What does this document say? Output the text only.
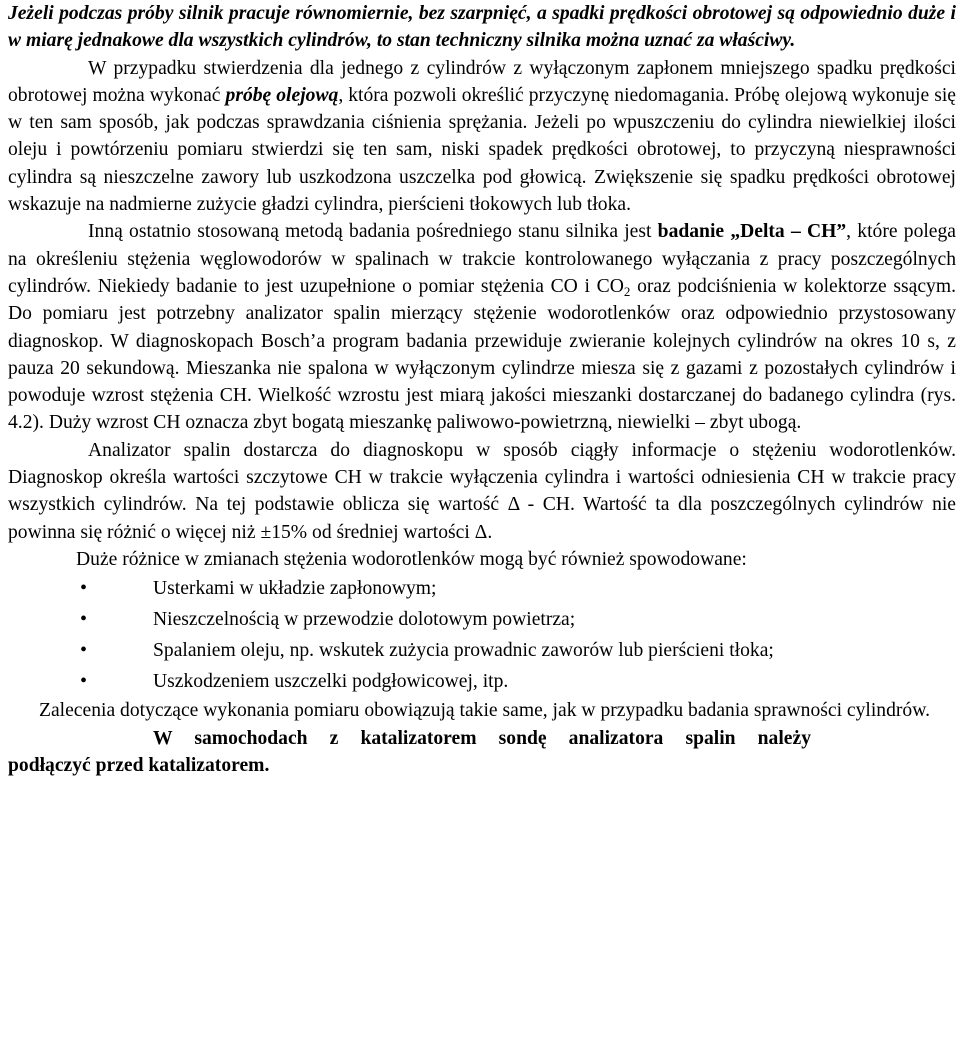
Jeżeli podczas próby silnik pracuje równomiernie, bez szarpnięć, a spadki prędkości obrotowej są odpowiednio duże i w miarę jednakowe dla wszystkich cylindrów, to stan techniczny silnika można uznać za właściwy.

W przypadku stwierdzenia dla jednego z cylindrów z wyłączonym zapłonem mniejszego spadku prędkości obrotowej można wykonać próbę olejową, która pozwoli określić przyczynę niedomagania. Próbę olejową wykonuje się w ten sam sposób, jak podczas sprawdzania ciśnienia sprężania. Jeżeli po wpuszczeniu do cylindra niewielkiej ilości oleju i powtórzeniu pomiaru stwierdzi się ten sam, niski spadek prędkości obrotowej, to przyczyną niesprawności cylindra są nieszczelne zawory lub uszkodzona uszczelka pod głowicą. Zwiększenie się spadku prędkości obrotowej wskazuje na nadmierne zużycie gładzi cylindra, pierścieni tłokowych lub tłoka.

Inną ostatnio stosowaną metodą badania pośredniego stanu silnika jest badanie „Delta – CH”, które polega na określeniu stężenia węglowodorów w spalinach w trakcie kontrolowanego wyłączania z pracy poszczególnych cylindrów. Niekiedy badanie to jest uzupełnione o pomiar stężenia CO i $CO_2$ oraz podciśnienia w kolektorze ssącym. Do pomiaru jest potrzebny analizator spalin mierzący stężenie wodorotlenków oraz odpowiednio przystosowany diagnoskop. W diagnoskopach Bosch’a program badania przewiduje zwieranie kolejnych cylindrów na okres 10 s, z pauza 20 sekundową. Mieszanka nie spalona w wyłączonym cylindrze miesza się z gazami z pozostałych cylindrów i powoduje wzrost stężenia CH. Wielkość wzrostu jest miarą jakości mieszanki dostarczanej do badanego cylindra (rys. 4.2). Duży wzrost CH oznacza zbyt bogatą mieszankę paliwowo-powietrzną, niewielki – zbyt ubogą.

Analizator spalin dostarcza do diagnoskopu w sposób ciągły informacje o stężeniu wodorotlenków. Diagnoskop określa wartości szczytowe CH w trakcie wyłączenia cylindra i wartości odniesienia CH w trakcie pracy wszystkich cylindrów. Na tej podstawie oblicza się wartość Δ - CH. Wartość ta dla poszczególnych cylindrów nie powinna się różnić o więcej niż ±15% od średniej wartości Δ.

Duże różnice w zmianach stężenia wodorotlenków mogą być również spowodowane:

•	Usterkami w układzie zapłonowym;
•	Nieszczelnością w przewodzie dolotowym powietrza;
•	Spalaniem oleju, np. wskutek zużycia prowadnic zaworów lub pierścieni tłoka;
•	Uszkodzeniem uszczelki podgłowicowej, itp.

Zalecenia dotyczące wykonania pomiaru obowiązują takie same, jak w przypadku badania sprawności cylindrów.

W samochodach z katalizatorem sondę analizatora spalin należy
podłączyć przed katalizatorem.
